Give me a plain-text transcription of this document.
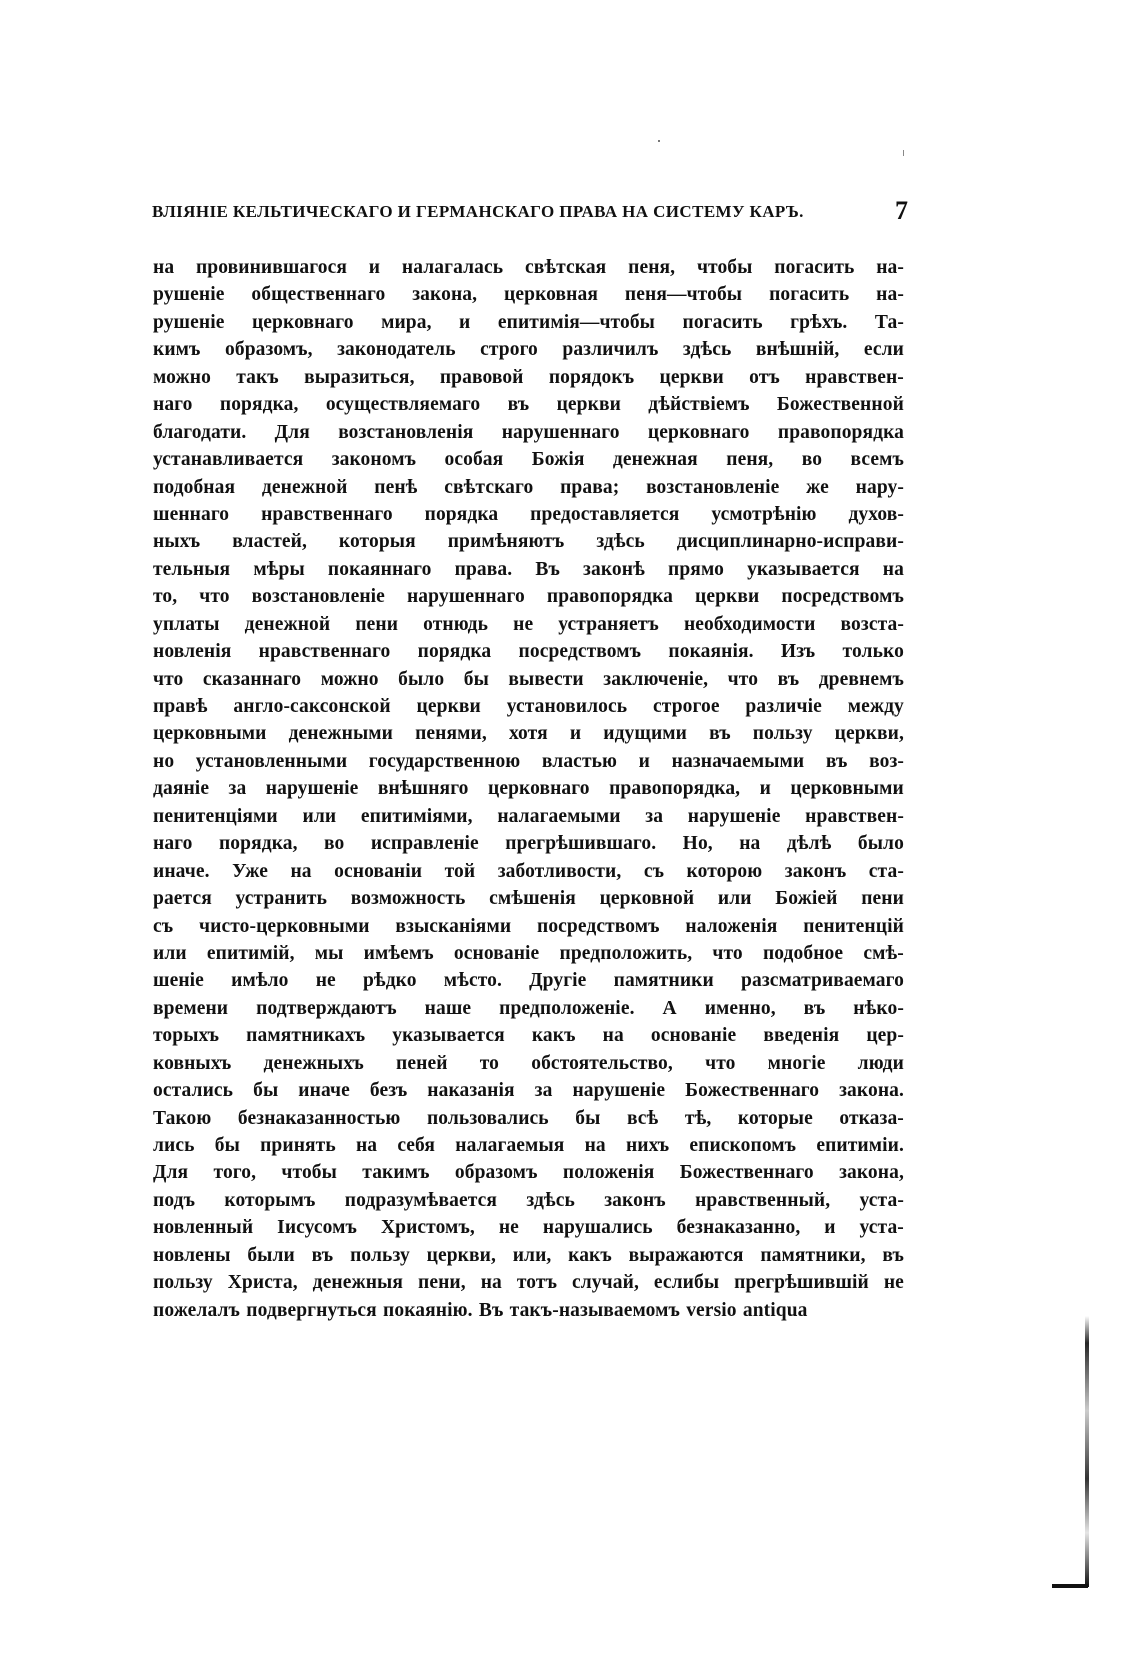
ВЛІЯНІЕ КЕЛЬТИЧЕСКАГО И ГЕРМАНСКАГО ПРАВА НА СИСТЕМУ КАРЪ.	7
на провинившагося и налагалась свѣтская пеня, чтобы погасить на-
рушеніе общественнаго закона, церковная пеня—чтобы погасить на-
рушеніе церковнаго мира, и епитимія—чтобы погасить грѣхъ. Та-
кимъ образомъ, законодатель строго различилъ здѣсь внѣшній, если
можно такъ выразиться, правовой порядокъ церкви отъ нравствен-
наго порядка, осуществляемаго въ церкви дѣйствіемъ Божественной
благодати. Для возстановленія нарушеннаго церковнаго правопорядка
устанавливается закономъ особая Божія денежная пеня, во всемъ
подобная денежной пенѣ свѣтскаго права; возстановленіе же нару-
шеннаго нравственнаго порядка предоставляется усмотрѣнію духов-
ныхъ властей, которыя примѣняютъ здѣсь дисциплинарно-исправи-
тельныя мѣры покаяннаго права. Въ законѣ прямо указывается на
то, что возстановленіе нарушеннаго правопорядка церкви посредствомъ
уплаты денежной пени отнюдь не устраняетъ необходимости возста-
новленія нравственнаго порядка посредствомъ покаянія. Изъ только
что сказаннаго можно было бы вывести заключеніе, что въ древнемъ
правѣ англо-саксонской церкви установилось строгое различіе между
церковными денежными пенями, хотя и идущими въ пользу церкви,
но установленными государственною властью и назначаемыми въ воз-
даяніе за нарушеніе внѣшняго церковнаго правопорядка, и церковными
пенитенціями или епитиміями, налагаемыми за нарушеніе нравствен-
наго порядка, во исправленіе прегрѣшившаго. Но, на дѣлѣ было
иначе. Уже на основаніи той заботливости, съ которою законъ ста-
рается устранить возможность смѣшенія церковной или Божіей пени
съ чисто-церковными взысканіями посредствомъ наложенія пенитенцій
или епитимій, мы имѣемъ основаніе предположить, что подобное смѣ-
шеніе имѣло не рѣдко мѣсто. Другіе памятники разсматриваемаго
времени подтверждаютъ наше предположеніе. А именно, въ нѣко-
торыхъ памятникахъ указывается какъ на основаніе введенія цер-
ковныхъ денежныхъ пеней то обстоятельство, что многіе люди
остались бы иначе безъ наказанія за нарушеніе Божественнаго закона.
Такою безнаказанностью пользовались бы всѣ тѣ, которые отказа-
лись бы принять на себя налагаемыя на нихъ епископомъ епитиміи.
Для того, чтобы такимъ образомъ положенія Божественнаго закона,
подъ которымъ подразумѣвается здѣсь законъ нравственный, уста-
новленный Іисусомъ Христомъ, не нарушались безнаказанно, и уста-
новлены были въ пользу церкви, или, какъ выражаются памятники, въ
пользу Христа, денежныя пени, на тотъ случай, еслибы прегрѣшившій не
пожелалъ подвергнуться покаянію. Въ такъ-называемомъ versio antiqua
